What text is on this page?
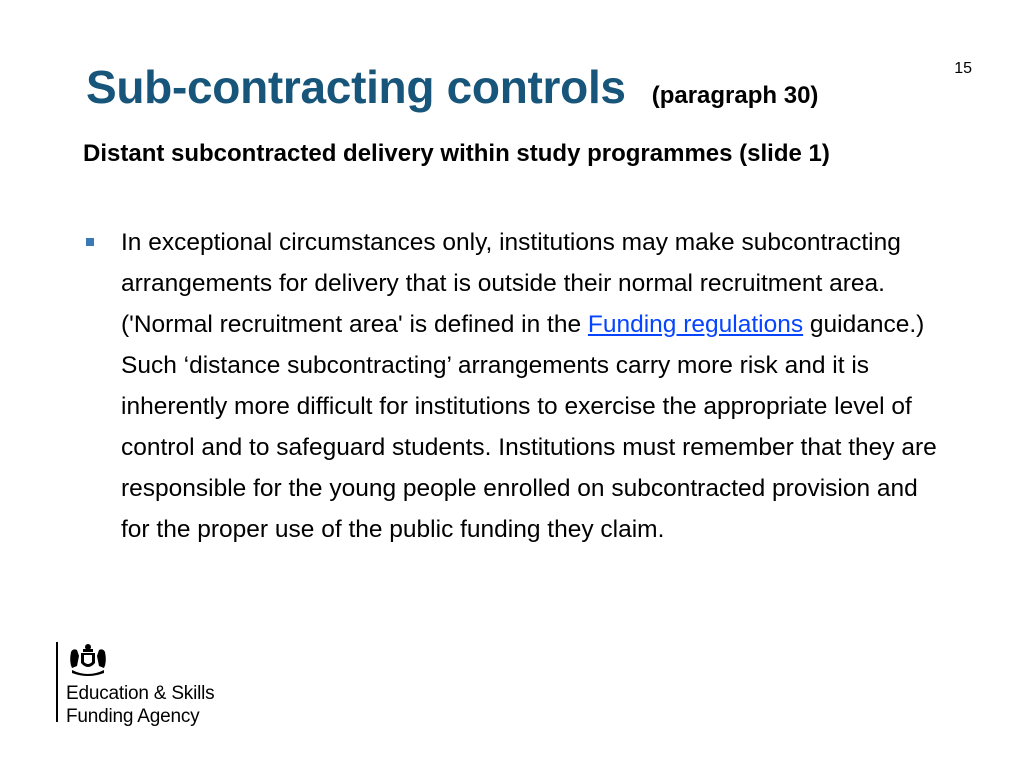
15
Sub-contracting controls (paragraph 30)
Distant subcontracted delivery within study programmes (slide 1)
In exceptional circumstances only, institutions may make subcontracting arrangements for delivery that is outside their normal recruitment area. ('Normal recruitment area' is defined in the Funding regulations guidance.) Such ‘distance subcontracting’ arrangements carry more risk and it is inherently more difficult for institutions to exercise the appropriate level of control and to safeguard students. Institutions must remember that they are responsible for the young people enrolled on subcontracted provision and for the proper use of the public funding they claim.
Education & Skills
Funding Agency
